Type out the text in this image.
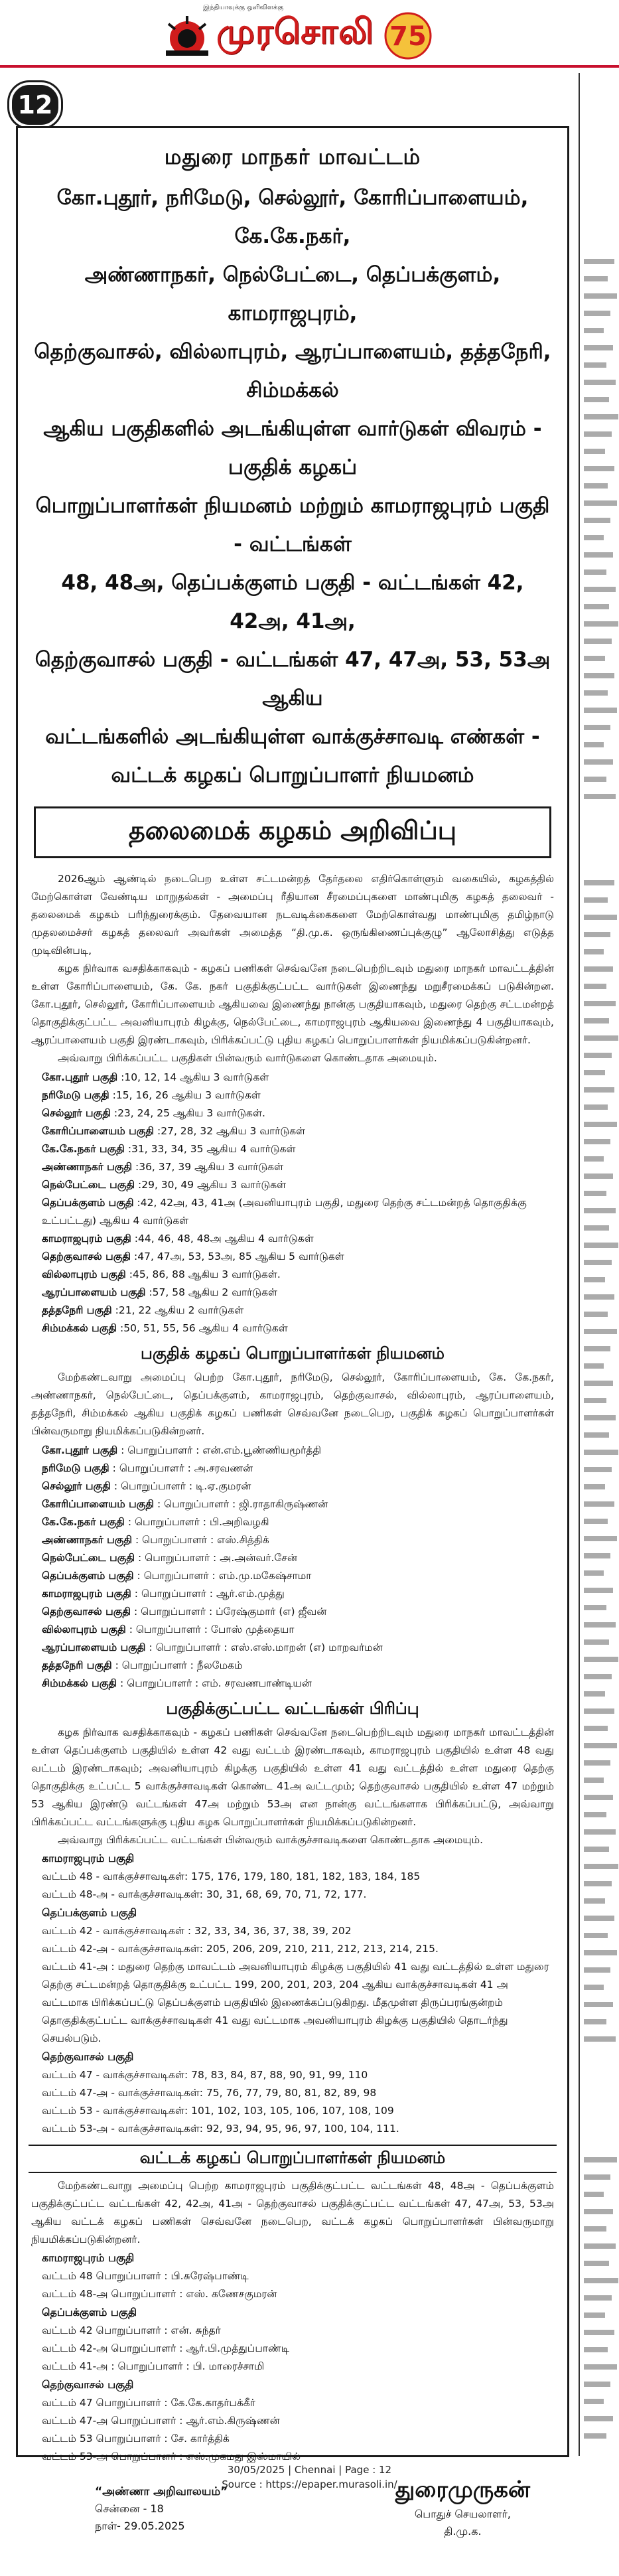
இந்தியாவுக்கு ஒளிவிளக்கு
முரசொலி 75
12
மதுரை மாநகர் மாவட்டம்
கோ.புதூர், நரிமேடு, செல்லூர், கோரிப்பாளையம், கே.கே.நகர்,
அண்ணாநகர், நெல்பேட்டை, தெப்பக்குளம், காமராஜபுரம்,
தெற்குவாசல், வில்லாபுரம், ஆரப்பாளையம், தத்தநேரி, சிம்மக்கல்
ஆகிய பகுதிகளில் அடங்கியுள்ள வார்டுகள் விவரம் - பகுதிக் கழகப்
பொறுப்பாளர்கள் நியமனம் மற்றும் காமராஜபுரம் பகுதி - வட்டங்கள்
48, 48அ, தெப்பக்குளம் பகுதி - வட்டங்கள் 42, 42அ, 41அ,
தெற்குவாசல் பகுதி - வட்டங்கள் 47, 47அ, 53, 53அ ஆகிய
வட்டங்களில் அடங்கியுள்ள வாக்குச்சாவடி எண்கள் -
வட்டக் கழகப் பொறுப்பாளர் நியமனம்
தலைமைக் கழகம் அறிவிப்பு

2026ஆம் ஆண்டில் நடைபெற உள்ள சட்டமன்றத் தேர்தலை எதிர்கொள்ளும் வகையில், கழகத்தில் மேற்கொள்ள வேண்டிய மாறுதல்கள் - அமைப்பு ரீதியான சீரமைப்புகளை மாண்புமிகு கழகத் தலைவர் - தலைமைக் கழகம் பரிந்துரைக்கும். தேவையான நடவடிக்கைகளை மேற்கொள்வது மாண்புமிகு தமிழ்நாடு முதலமைச்சர் கழகத் தலைவர் அவர்கள் அமைத்த “தி.மு.க. ஒருங்கிணைப்புக்குழு” ஆலோசித்து எடுத்த முடிவின்படி,

கழக நிர்வாக வசதிக்காகவும் - கழகப் பணிகள் செவ்வனே நடைபெற்றிடவும் மதுரை மாநகர் மாவட்டத்தின் உள்ள கோரிப்பாளையம், கே. கே. நகர் பகுதிக்குட்பட்ட வார்டுகள் இணைந்து மறுசீரமைக்கப் படுகின்றன. கோ.புதூர், செல்லூர், கோரிப்பாளையம் ஆகியவை இணைந்து நான்கு பகுதியாகவும், மதுரை தெற்கு சட்டமன்றத் தொகுதிக்குட்பட்ட அவனியாபுரம் கிழக்கு, நெல்பேட்டை, காமராஜபுரம் ஆகியவை இணைந்து 4 பகுதியாகவும், ஆரப்பாளையம் பகுதி இரண்டாகவும், பிரிக்கப்பட்டு புதிய கழகப் பொறுப்பாளர்கள் நியமிக்கப்படுகின்றனர்.

அவ்வாறு பிரிக்கப்பட்ட பகுதிகள் பின்வரும் வார்டுகளை கொண்டதாக அமையும்.

கோ.புதூர் பகுதி :10, 12, 14 ஆகிய 3 வார்டுகள்
நரிமேடு பகுதி :15, 16, 26 ஆகிய 3 வார்டுகள்
செல்லூர் பகுதி :23, 24, 25 ஆகிய 3 வார்டுகள்.
கோரிப்பாளையம் பகுதி :27, 28, 32 ஆகிய 3 வார்டுகள்
கே.கே.நகர் பகுதி :31, 33, 34, 35 ஆகிய 4 வார்டுகள்
அண்ணாநகர் பகுதி :36, 37, 39 ஆகிய 3 வார்டுகள்
நெல்பேட்டை பகுதி :29, 30, 49 ஆகிய 3 வார்டுகள்
தெப்பக்குளம் பகுதி :42, 42அ, 43, 41அ (அவனியாபுரம் பகுதி, மதுரை தெற்கு சட்டமன்றத் தொகுதிக்கு உட்பட்டது) ஆகிய 4 வார்டுகள்
காமராஜபுரம் பகுதி :44, 46, 48, 48அ ஆகிய 4 வார்டுகள்
தெற்குவாசல் பகுதி :47, 47அ, 53, 53அ, 85 ஆகிய 5 வார்டுகள்
வில்லாபுரம் பகுதி :45, 86, 88 ஆகிய 3 வார்டுகள்.
ஆரப்பாளையம் பகுதி :57, 58 ஆகிய 2 வார்டுகள்
தத்தநேரி பகுதி :21, 22 ஆகிய 2 வார்டுகள்
சிம்மக்கல் பகுதி :50, 51, 55, 56 ஆகிய 4 வார்டுகள்
பகுதிக் கழகப் பொறுப்பாளர்கள் நியமனம்

மேற்கண்டவாறு அமைப்பு பெற்ற கோ.புதூர், நரிமேடு, செல்லூர், கோரிப்பாளையம், கே. கே.நகர், அண்ணாநகர், நெல்பேட்டை, தெப்பக்குளம், காமராஜபுரம், தெற்குவாசல், வில்லாபுரம், ஆரப்பாளையம், தத்தநேரி, சிம்மக்கல் ஆகிய பகுதிக் கழகப் பணிகள் செவ்வனே நடைபெற, பகுதிக் கழகப் பொறுப்பாளர்கள் பின்வருமாறு நியமிக்கப்படுகின்றனர்.

கோ.புதூர் பகுதி : பொறுப்பாளர் : என்.எம்.பூண்ணியமூர்த்தி
நரிமேடு பகுதி : பொறுப்பாளர் : அ.சரவணன்
செல்லூர் பகுதி : பொறுப்பாளர் : டி.ஏ.குமரன்
கோரிப்பாளையம் பகுதி : பொறுப்பாளர் : ஜி.ராதாகிருஷ்ணன்
கே.கே.நகர் பகுதி : பொறுப்பாளர் : பி.அறிவழகி
அண்ணாநகர் பகுதி : பொறுப்பாளர் : எஸ்.சித்திக்
நெல்பேட்டை பகுதி : பொறுப்பாளர் : அ.அன்வர்.சேன்
தெப்பக்குளம் பகுதி : பொறுப்பாளர் : எம்.மு.மகேஷ்சாமா
காமராஜபுரம் பகுதி : பொறுப்பாளர் : ஆர்.எம்.முத்து
தெற்குவாசல் பகுதி : பொறுப்பாளர் : ப்ரேஷ்குமார் (எ) ஜீவன்
வில்லாபுரம் பகுதி : பொறுப்பாளர் : போஸ் முத்தையா
ஆரப்பாளையம் பகுதி : பொறுப்பாளர் : எஸ்.எஸ்.மாறன் (எ) மாறவர்மன்
தத்தநேரி பகுதி : பொறுப்பாளர் : நீலமேகம்
சிம்மக்கல் பகுதி : பொறுப்பாளர் : எம். சரவணபாண்டியன்
பகுதிக்குட்பட்ட வட்டங்கள் பிரிப்பு

கழக நிர்வாக வசதிக்காகவும் - கழகப் பணிகள் செவ்வனே நடைபெற்றிடவும் மதுரை மாநகர் மாவட்டத்தின் உள்ள தெப்பக்குளம் பகுதியில் உள்ள 42 வது வட்டம் இரண்டாகவும், காமராஜபுரம் பகுதியில் உள்ள 48 வது வட்டம் இரண்டாகவும்; அவனியாபுரம் கிழக்கு பகுதியில் உள்ள 41 வது வட்டத்தில் உள்ள மதுரை தெற்கு தொகுதிக்கு உட்பட்ட 5 வாக்குச்சாவடிகள் கொண்ட 41அ வட்டமும்; தெற்குவாசல் பகுதியில் உள்ள 47 மற்றும் 53 ஆகிய இரண்டு வட்டங்கள் 47அ மற்றும் 53அ என நான்கு வட்டங்களாக பிரிக்கப்பட்டு, அவ்வாறு பிரிக்கப்பட்ட வட்டங்களுக்கு புதிய கழக பொறுப்பாளர்கள் நியமிக்கப்படுகின்றனர்.

அவ்வாறு பிரிக்கப்பட்ட வட்டங்கள் பின்வரும் வாக்குச்சாவடிகளை கொண்டதாக அமையும்.

காமராஜபுரம் பகுதி
வட்டம் 48 - வாக்குச்சாவடிகள்: 175, 176, 179, 180, 181, 182, 183, 184, 185
வட்டம் 48-அ - வாக்குச்சாவடிகள்: 30, 31, 68, 69, 70, 71, 72, 177.
தெப்பக்குளம் பகுதி
வட்டம் 42 - வாக்குச்சாவடிகள் : 32, 33, 34, 36, 37, 38, 39, 202
வட்டம் 42-அ - வாக்குச்சாவடிகள்: 205, 206, 209, 210, 211, 212, 213, 214, 215.
வட்டம் 41-அ : மதுரை தெற்கு மாவட்டம் அவனியாபுரம் கிழக்கு பகுதியில் 41 வது வட்டத்தில் உள்ள மதுரை தெற்கு சட்டமன்றத் தொகுதிக்கு உட்பட்ட 199, 200, 201, 203, 204 ஆகிய வாக்குச்சாவடிகள் 41 அ வட்டமாக பிரிக்கப்பட்டு தெப்பக்குளம் பகுதியில் இணைக்கப்படுகிறது. மீதமுள்ள திருப்பரங்குன்றம் தொகுதிக்குட்பட்ட வாக்குச்சாவடிகள் 41 வது வட்டமாக அவனியாபுரம் கிழக்கு பகுதியில் தொடர்ந்து செயல்படும்.
தெற்குவாசல் பகுதி
வட்டம் 47 - வாக்குச்சாவடிகள்: 78, 83, 84, 87, 88, 90, 91, 99, 110
வட்டம் 47-அ - வாக்குச்சாவடிகள்: 75, 76, 77, 79, 80, 81, 82, 89, 98
வட்டம் 53 - வாக்குச்சாவடிகள்: 101, 102, 103, 105, 106, 107, 108, 109
வட்டம் 53-அ - வாக்குச்சாவடிகள்: 92, 93, 94, 95, 96, 97, 100, 104, 111.
வட்டக் கழகப் பொறுப்பாளர்கள் நியமனம்

மேற்கண்டவாறு அமைப்பு பெற்ற காமராஜபுரம் பகுதிக்குட்பட்ட வட்டங்கள் 48, 48அ - தெப்பக்குளம் பகுதிக்குட்பட்ட வட்டங்கள் 42, 42அ, 41அ - தெற்குவாசல் பகுதிக்குட்பட்ட வட்டங்கள் 47, 47அ, 53, 53அ ஆகிய வட்டக் கழகப் பணிகள் செவ்வனே நடைபெற, வட்டக் கழகப் பொறுப்பாளர்கள் பின்வருமாறு நியமிக்கப்படுகின்றனர்.

காமராஜபுரம் பகுதி
வட்டம் 48 பொறுப்பாளர் : பி.சுரேஷ்பாண்டி
வட்டம் 48-அ பொறுப்பாளர் : எஸ். கணேசகுமரன்
தெப்பக்குளம் பகுதி
வட்டம் 42 பொறுப்பாளர் : என். சுந்தர்
வட்டம் 42-அ பொறுப்பாளர் : ஆர்.பி.முத்துப்பாண்டி
வட்டம் 41-அ : பொறுப்பாளர் : பி. மாரைச்சாமி
தெற்குவாசல் பகுதி
வட்டம் 47 பொறுப்பாளர் : கே.கே.காதர்பக்கீர்
வட்டம் 47-அ பொறுப்பாளர் : ஆர்.எம்.கிருஷ்ணன்
வட்டம் 53 பொறுப்பாளர் : சே. கார்த்திக்
வட்டம் 53-அ பொறுப்பாளர் : எஸ்.முகமது இஸ்மாயில்
“அண்ணா அறிவாலயம்”
சென்னை - 18
நாள்- 29.05.2025
துரைமுருகன்
பொதுச் செயலாளர்,
தி.மு.க.
30/05/2025 | Chennai | Page : 12
Source : https://epaper.murasoli.in/
